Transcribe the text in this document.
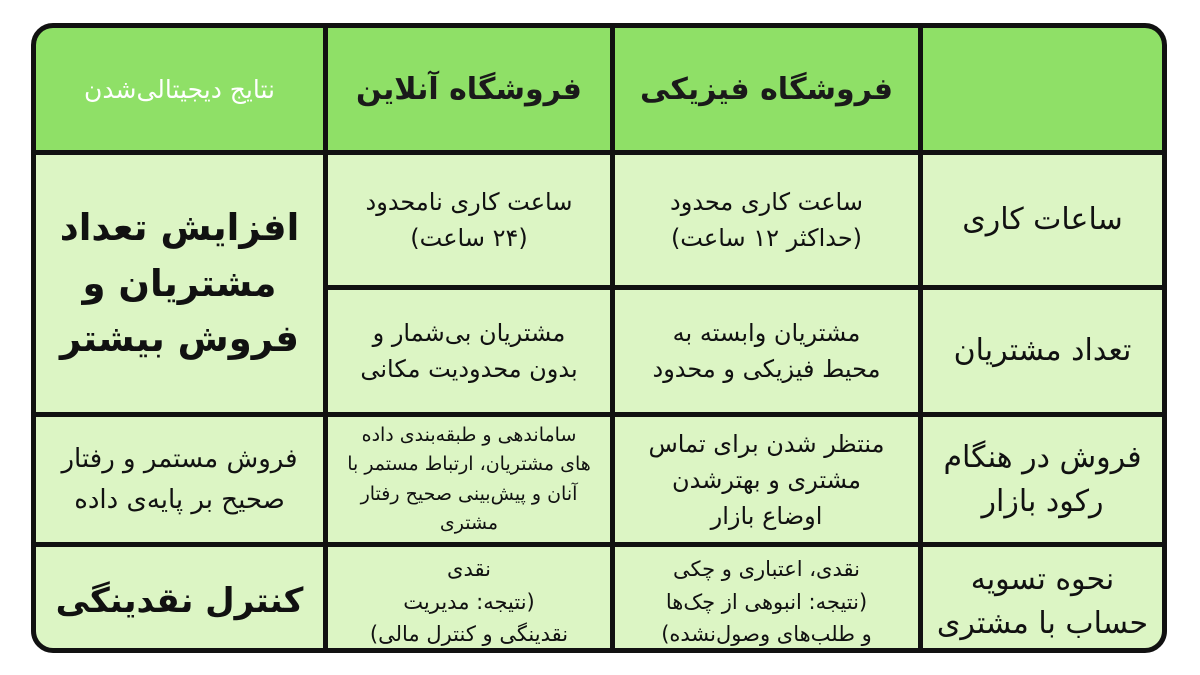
نتایج دیجیتالی‌شدن	فروشگاه آنلاین فروشگاه فیزیکی
ساعات کاری
ساعت کاری محدود
(حداکثر ۱۲ ساعت)
ساعت کاری نامحدود
(۲۴ ساعت)
افزایش تعداد
مشتریان و
فروش بیشتر	تعداد مشتریان
مشتریان وابسته به
محیط فیزیکی و محدود
مشتریان بی‌شمار و
بدون محدودیت مکانی
فروش در هنگام
رکود بازار
منتظر شدن برای تماس
مشتری و بهترشدن
اوضاع بازار
ساماندهی و طبقه‌بندی داده
های مشتریان، ارتباط مستمر با
آنان و پیش‌بینی صحیح رفتار
مشتری
فروش مستمر و رفتار
صحیح بر پایه‌ی داده
نحوه تسویه
حساب با مشتری
نقدی، اعتباری و چکی
(نتیجه: انبوهی از چک‌ها
و طلب‌های وصول‌نشده)
نقدی
(نتیجه: مدیریت
نقدینگی و کنترل مالی)
کنترل نقدینگی
